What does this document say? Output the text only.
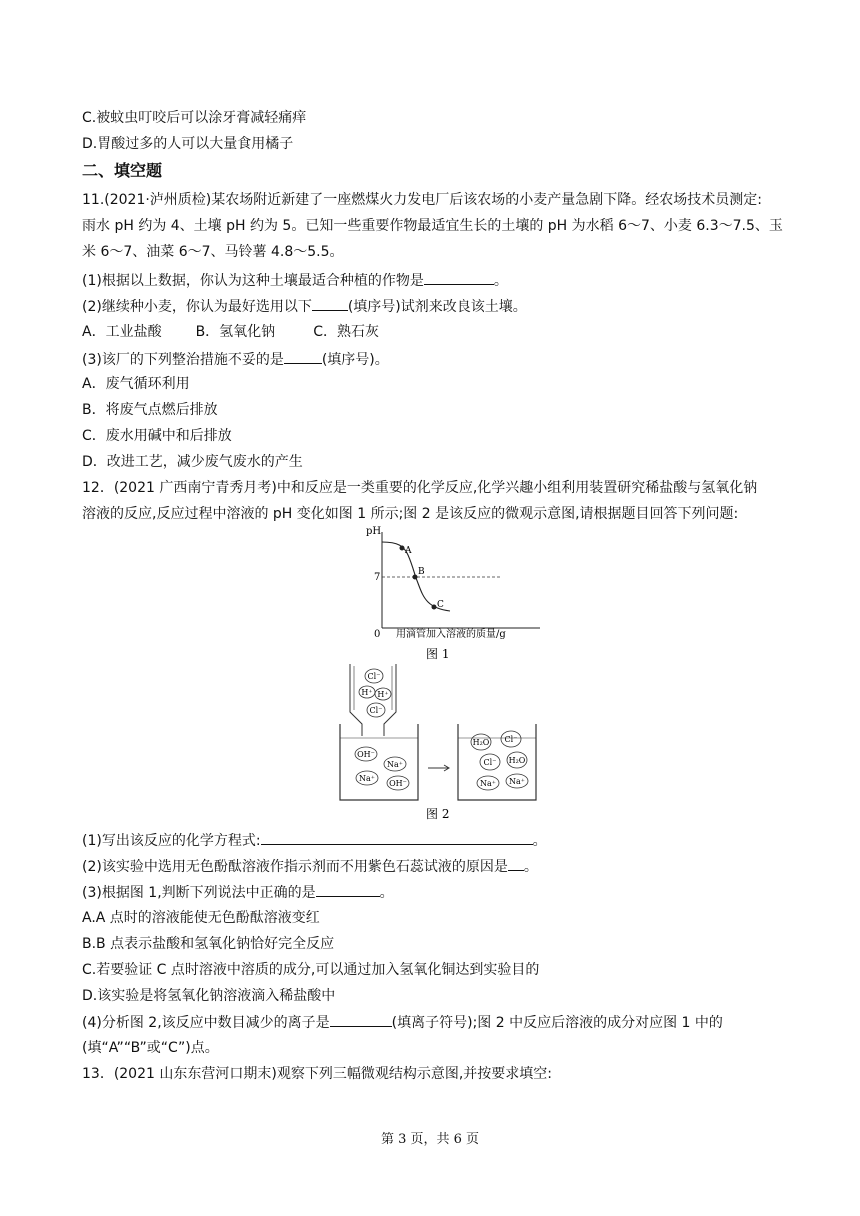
C.被蚊虫叮咬后可以涂牙膏减轻痛痒
D.胃酸过多的人可以大量食用橘子
二、填空题
11.(2021·泸州质检)某农场附近新建了一座燃煤火力发电厂后该农场的小麦产量急剧下降。经农场技术员测定:
雨水 pH 约为 4、土壤 pH 约为 5。已知一些重要作物最适宜生长的土壤的 pH 为水稻 6～7、小麦 6.3～7.5、玉
米 6～7、油菜 6～7、马铃薯 4.8～5.5。
(1)根据以上数据，你认为这种土壤最适合种植的作物是	。
(2)继续种小麦，你认为最好选用以下	(填序号)试剂来改良该土壤。
A．工业盐酸 B．氢氧化钠	C．熟石灰
(3)该厂的下列整治措施不妥的是	(填序号)。
A．废气循环利用
B．将废气点燃后排放
C．废水用碱中和后排放
D．改进工艺，减少废气废水的产生
12．(2021 广西南宁青秀月考)中和反应是一类重要的化学反应,化学兴趣小组利用装置研究稀盐酸与氢氧化钠
溶液的反应,反应过程中溶液的 pH 变化如图 1 所示;图 2 是该反应的微观示意图,请根据题目回答下列问题:
pH
7
0
A
B
C
用滴管加入溶液的质量/g
图 1
Cl⁻
H⁺ H⁺
Cl⁻
OH⁻
Na⁺
Na⁺
OH⁻
H₂O Cl⁻
Cl⁻ H₂O
Na⁺ Na⁺
图 2
(1)写出该反应的化学方程式:	。
(2)该实验中选用无色酚酞溶液作指示剂而不用紫色石蕊试液的原因是 。
(3)根据图 1,判断下列说法中正确的是	。
A.A 点时的溶液能使无色酚酞溶液变红
B.B 点表示盐酸和氢氧化钠恰好完全反应
C.若要验证 C 点时溶液中溶质的成分,可以通过加入氢氧化铜达到实验目的
D.该实验是将氢氧化钠溶液滴入稀盐酸中
(4)分析图 2,该反应中数目减少的离子是	(填离子符号);图 2 中反应后溶液的成分对应图 1 中的
(填“A”“B”或“C”)点。
13．(2021 山东东营河口期末)观察下列三幅微观结构示意图,并按要求填空:
第 3 页，共 6 页
